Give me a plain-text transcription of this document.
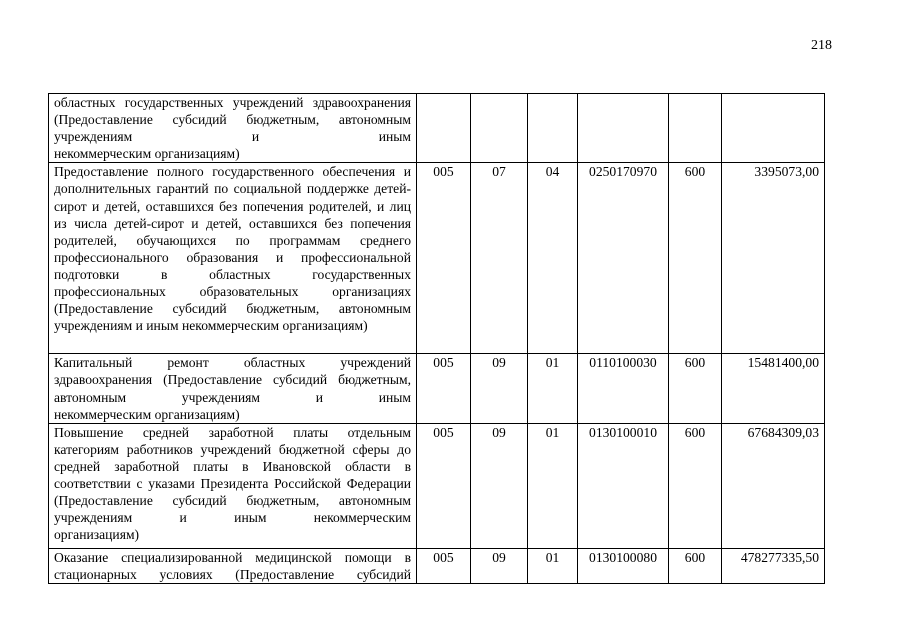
218
областных государственных учреждений здравоохранения (Предоставление субсидий бюджетным, автономным учреждениям и иным
некоммерческим организациям)						

Предоставление полного государственного обеспечения и дополнительных гарантий по социальной поддержке детей-сирот и детей, оставшихся без попечения родителей, и лиц из числа детей-сирот и детей, оставшихся без попечения родителей, обучающихся по программам среднего профессионального образования и профессиональной подготовки в областных государственных профессиональных образовательных организациях (Предоставление субсидий бюджетным, автономным
учреждениям и иным некоммерческим организациям)	005	07	04	0250170970	600	3395073,00
Капитальный ремонт областных учреждений здравоохранения (Предоставление субсидий бюджетным, автономным учреждениям и иным
некоммерческим организациям)	005	09	01	0110100030	600	15481400,00
Повышение средней заработной платы отдельным категориям работников учреждений бюджетной сферы до средней заработной платы в Ивановской области в соответствии с указами Президента Российской Федерации (Предоставление субсидий бюджетным, автономным учреждениям и иным некоммерческим
организациям)	005	09	01	0130100010	600	67684309,03
Оказание специализированной медицинской помощи в стационарных условиях (Предоставление субсидий	005	09	01	0130100080	600	478277335,50
